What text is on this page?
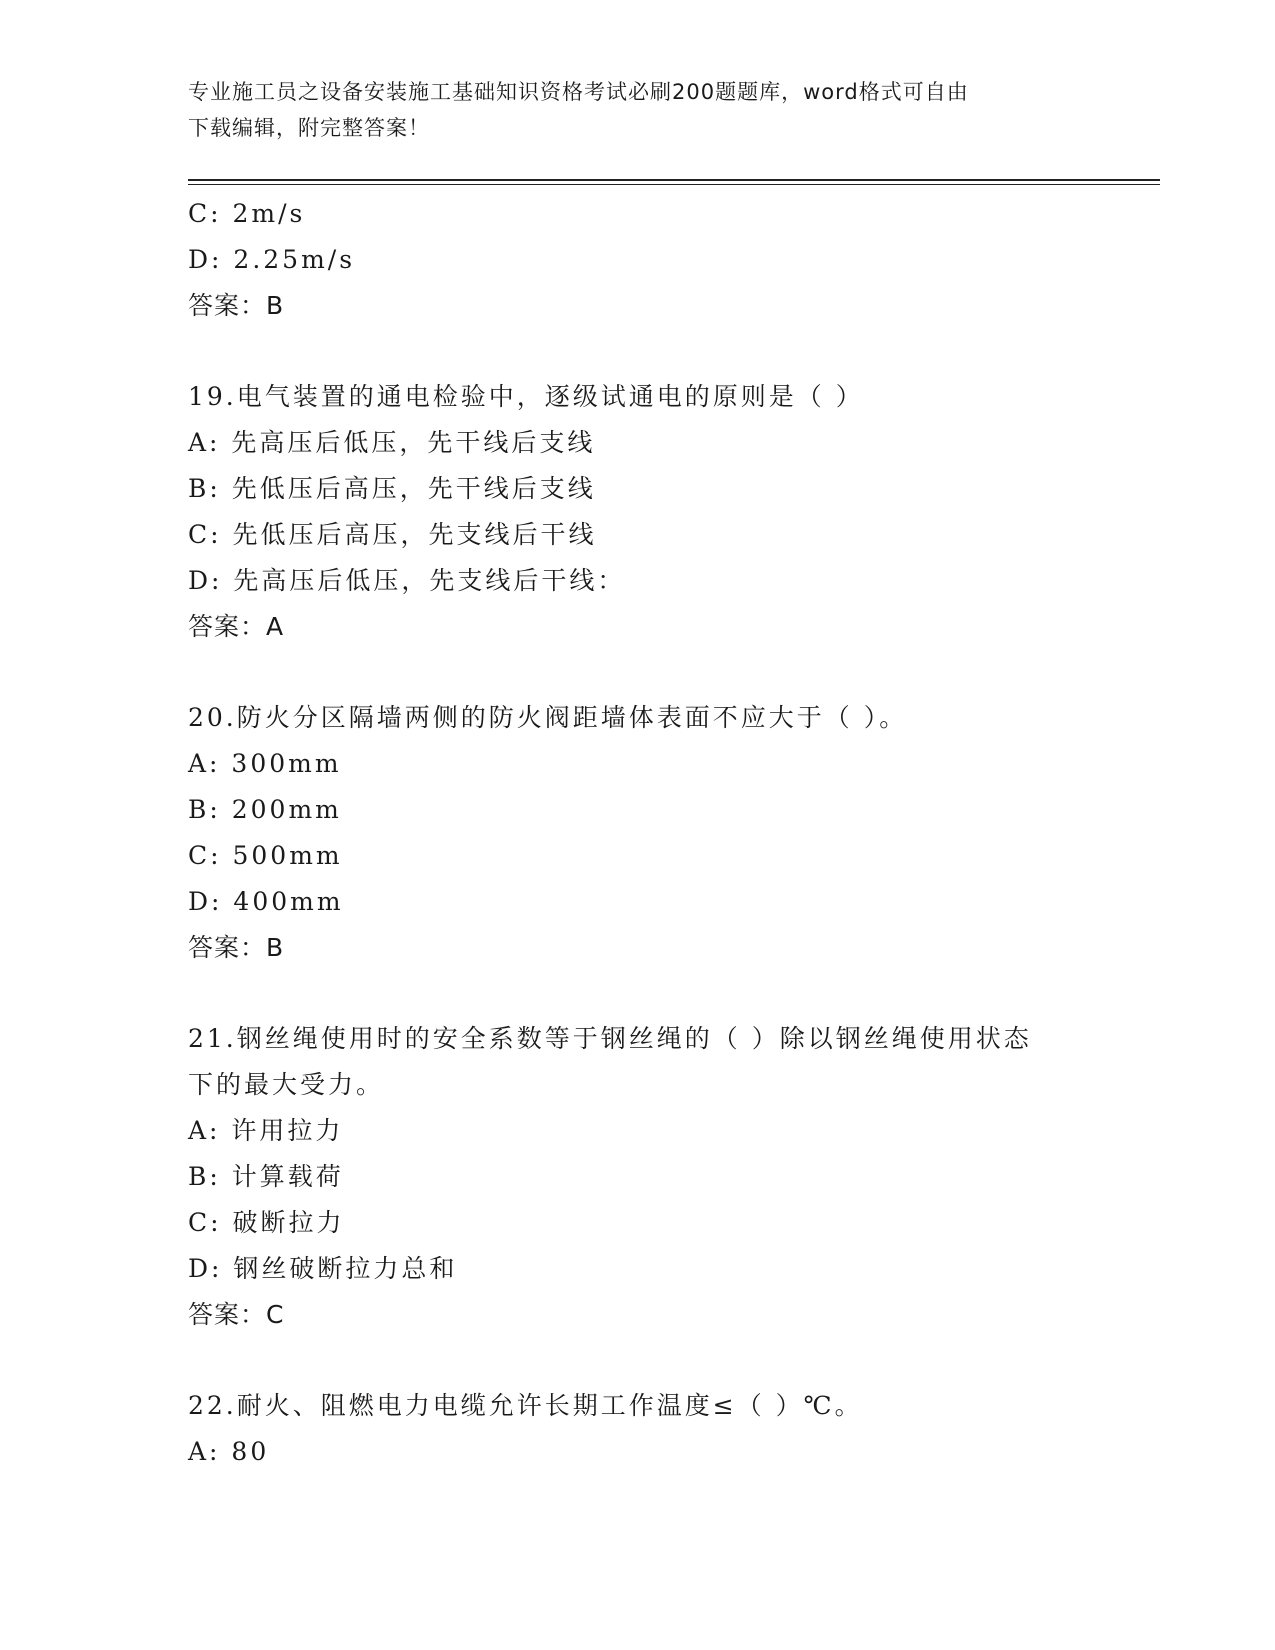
专业施工员之设备安装施工基础知识资格考试必刷200题题库，word格式可自由
下载编辑，附完整答案！
C: 2m/s
D: 2.25m/s
答案：B
19.电气装置的通电检验中，逐级试通电的原则是（ ）
A: 先高压后低压，先干线后支线
B: 先低压后高压，先干线后支线
C: 先低压后高压，先支线后干线
D: 先高压后低压，先支线后干线：
答案：A
20.防火分区隔墙两侧的防火阀距墙体表面不应大于（ ）。
A: 300mm
B: 200mm
C: 500mm
D: 400mm
答案：B
21.钢丝绳使用时的安全系数等于钢丝绳的（ ）除以钢丝绳使用状态
下的最大受力。
A: 许用拉力
B: 计算载荷
C: 破断拉力
D: 钢丝破断拉力总和
答案：C
22.耐火、阻燃电力电缆允许长期工作温度≤（ ）℃。
A: 80
